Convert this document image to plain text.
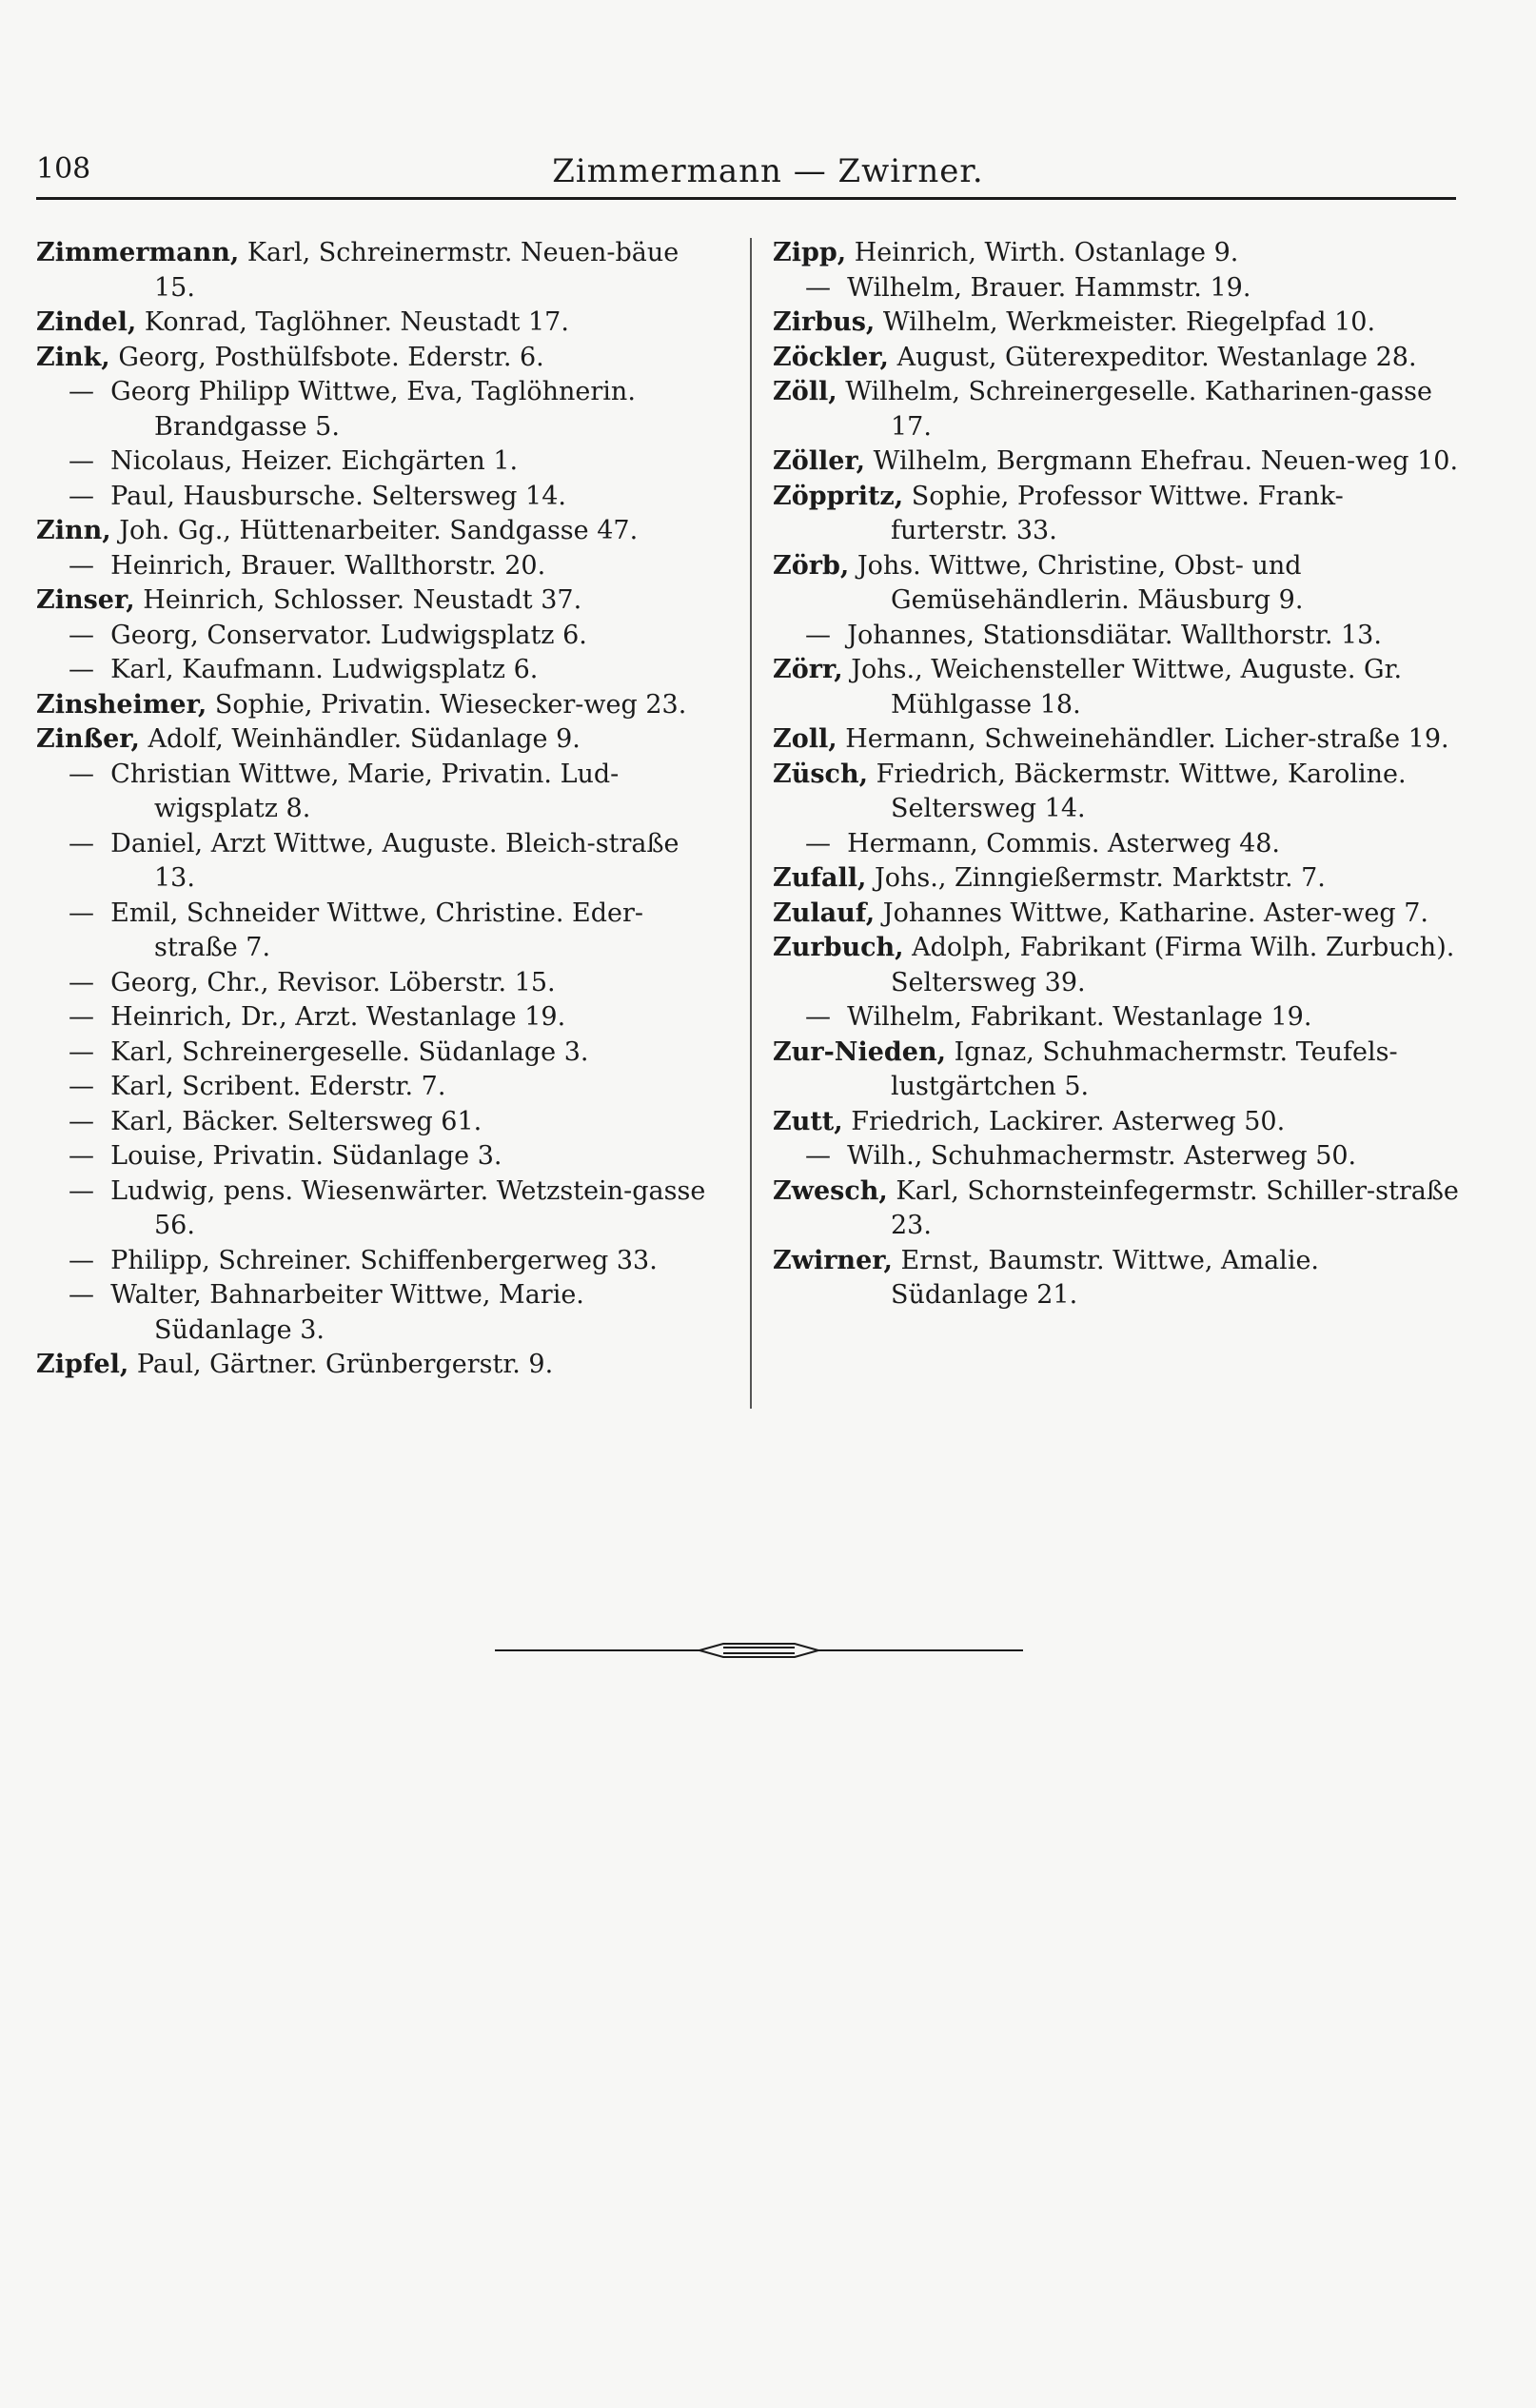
108	Zimmermann — Zwirner.
Zimmermann, Karl, Schreinermstr. Neuen-bäue 15.
Zindel, Konrad, Taglöhner. Neustadt 17.
Zink, Georg, Posthülfsbote. Ederstr. 6.
—  Georg Philipp Wittwe, Eva, Taglöhnerin. Brandgasse 5.
—  Nicolaus, Heizer. Eichgärten 1.
—  Paul, Hausbursche. Seltersweg 14.
Zinn, Joh. Gg., Hüttenarbeiter. Sandgasse 47.
—  Heinrich, Brauer. Wallthorstr. 20.
Zinser, Heinrich, Schlosser. Neustadt 37.
—  Georg, Conservator. Ludwigsplatz 6.
—  Karl, Kaufmann. Ludwigsplatz 6.
Zinsheimer, Sophie, Privatin. Wiesecker-weg 23.
Zinßer, Adolf, Weinhändler. Südanlage 9.
—  Christian Wittwe, Marie, Privatin. Lud-wigsplatz 8.
—  Daniel, Arzt Wittwe, Auguste. Bleich-straße 13.
—  Emil, Schneider Wittwe, Christine. Eder-straße 7.
—  Georg, Chr., Revisor. Löberstr. 15.
—  Heinrich, Dr., Arzt. Westanlage 19.
—  Karl, Schreinergeselle. Südanlage 3.
—  Karl, Scribent. Ederstr. 7.
—  Karl, Bäcker. Seltersweg 61.
—  Louise, Privatin. Südanlage 3.
—  Ludwig, pens. Wiesenwärter. Wetzstein-gasse 56.
—  Philipp, Schreiner. Schiffenbergerweg 33.
—  Walter, Bahnarbeiter Wittwe, Marie. Südanlage 3.
Zipfel, Paul, Gärtner. Grünbergerstr. 9.
Zipp, Heinrich, Wirth. Ostanlage 9.
—  Wilhelm, Brauer. Hammstr. 19.
Zirbus, Wilhelm, Werkmeister. Riegelpfad 10.
Zöckler, August, Güterexpeditor. Westanlage 28.
Zöll, Wilhelm, Schreinergeselle. Katharinen-gasse 17.
Zöller, Wilhelm, Bergmann Ehefrau. Neuen-weg 10.
Zöppritz, Sophie, Professor Wittwe. Frank-furterstr. 33.
Zörb, Johs. Wittwe, Christine, Obst- und Gemüsehändlerin. Mäusburg 9.
—  Johannes, Stationsdiätar. Wallthorstr. 13.
Zörr, Johs., Weichensteller Wittwe, Auguste. Gr. Mühlgasse 18.
Zoll, Hermann, Schweinehändler. Licher-straße 19.
Züsch, Friedrich, Bäckermstr. Wittwe, Karoline. Seltersweg 14.
—  Hermann, Commis. Asterweg 48.
Zufall, Johs., Zinngießermstr. Marktstr. 7.
Zulauf, Johannes Wittwe, Katharine. Aster-weg 7.
Zurbuch, Adolph, Fabrikant (Firma Wilh. Zurbuch). Seltersweg 39.
—  Wilhelm, Fabrikant. Westanlage 19.
Zur-Nieden, Ignaz, Schuhmachermstr. Teufels-lustgärtchen 5.
Zutt, Friedrich, Lackirer. Asterweg 50.
—  Wilh., Schuhmachermstr. Asterweg 50.
Zwesch, Karl, Schornsteinfegermstr. Schiller-straße 23.
Zwirner, Ernst, Baumstr. Wittwe, Amalie. Südanlage 21.
